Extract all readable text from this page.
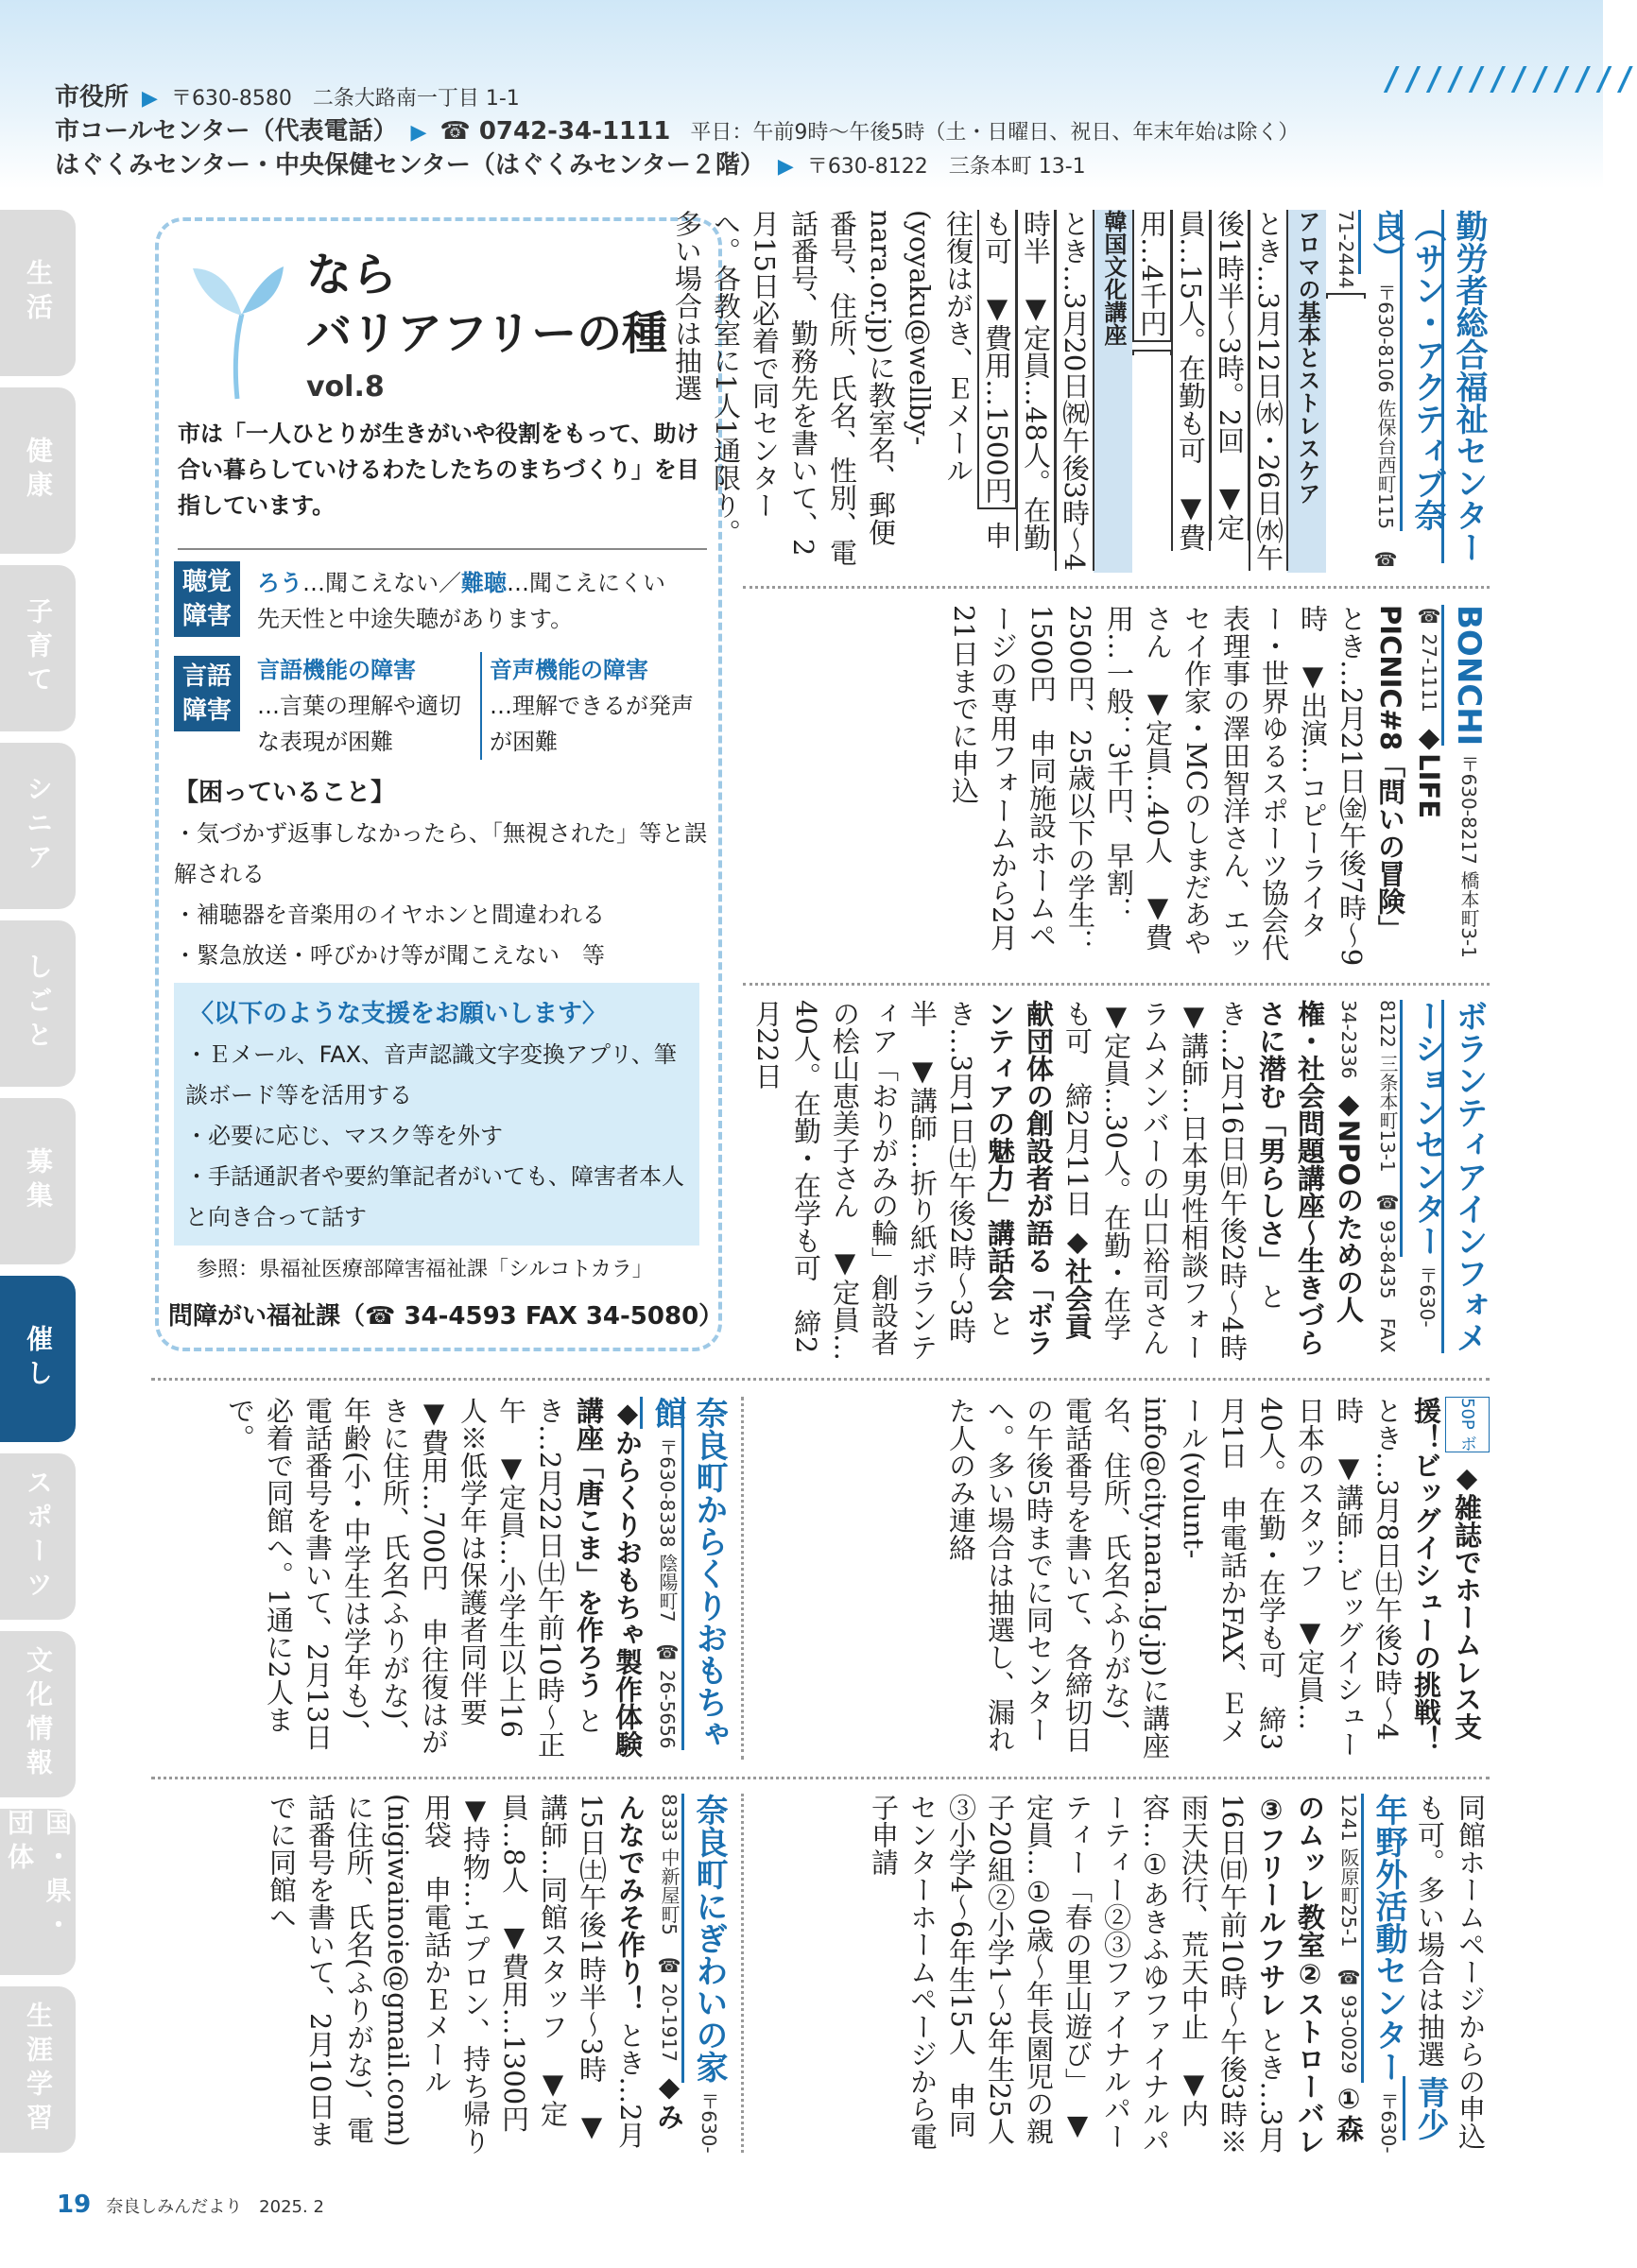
市役所 ▶ 〒630-8580　二条大路南一丁目 1-1
市コールセンター（代表電話） ▶ ☎ 0742-34-1111 平日：午前9時〜午後5時（土・日曜日、祝日、年末年始は除く）
はぐくみセンター・中央保健センター（はぐくみセンター２階） ▶ 〒630-8122　三条本町 13-1
////////////
生活
健康
子育て
シニア
しごと
募集
催し
スポーツ
文化情報
国・県・団体
生涯学習
なら
バリアフリーの種
vol.8
市は「一人ひとりが生きがいや役割をもって、助け合い暮らしていけるわたしたちのまちづくり」を目指しています。
聴覚障害
ろう…聞こえない／難聴…聞こえにくい
先天性と中途失聴があります。
言語障害
言語機能の障害
…言葉の理解や適切な表現が困難
音声機能の障害
…理解できるが発声が困難
【困っていること】
・気づかず返事しなかったら、「無視された」等と誤解される
・補聴器を音楽用のイヤホンと間違われる
・緊急放送・呼びかけ等が聞こえない　等
〈以下のような支援をお願いします〉
・Ｅメール、FAX、音声認識文字変換アプリ、筆談ボード等を活用する
・必要に応じ、マスク等を外す
・手話通訳者や要約筆記者がいても、障害者本人と向き合って話す
参照：県福祉医療部障害福祉課「シルコトカラ」
問障がい福祉課（☎ 34-4593 FAX 34-5080）
勤労者総合福祉センター（サン・アクティブ奈良） 〒630-8106 佐保台西町115　☎ 71-2444
アロマの基本とストレスケア
とき…3月12日㈬・26日㈬午後1時半〜3時。2回　▼定員…15人。在勤も可　▼費用…4千円
韓国文化講座
とき…3月20日㈷午後3時〜4時半　▼定員…48人。在勤も可　▼費用…1500円 申往復はがき、Ｅメール(yoyaku@wellby-nara.or.jp)に教室名、郵便番号、住所、氏名、性別、電話番号、勤務先を書いて、2月15日必着で同センターへ。各教室に1人1通限り。多い場合は抽選
BONCHI 〒630-8217 橋本町3-1　☎ 27-1111 ◆LIFE PICNIC#8「問いの冒険」 とき…2月21日㈮午後7時〜9時　▼出演…コピーライター・世界ゆるスポーツ協会代表理事の澤田智洋さん、エッセイ作家・MCのしまだあやさん　▼定員…40人　▼費用…一般：3千円、早割：2500円、25歳以下の学生：1500円　申同施設ホームページの専用フォームから2月21日までに申込
ボランティアインフォメーションセンター 〒630-8122 三条本町13-1　☎ 93-8435　FAX 34-2336 ◆NPOのための人権・社会問題講座〜生きづらさに潜む「男らしさ」 とき…2月16日㈰午後2時〜4時　▼講師…日本男性相談フォーラムメンバーの山口裕司さん　▼定員…30人。在勤・在学も可　締2月11日 ◆社会貢献団体の創設者が語る「ボランティアの魅力」講話会 とき…3月1日㈯午後2時〜3時半　▼講師…折り紙ボランティア「おりがみの輪」創設者の桧山恵美子さん　▼定員…40人。在勤・在学も可　締2月22日
50P ボ ◆雑誌でホームレス支援！ビッグイシューの挑戦！ とき…3月8日㈯午後2時〜4時　▼講師…ビッグイシュー日本のスタッフ　▼定員…40人。在勤・在学も可　締3月1日　申電話かFAX、Ｅメール(volunt-info@city.nara.lg.jp)に講座名、住所、氏名(ふりがな)、電話番号を書いて、各締切日の午後5時までに同センターへ。多い場合は抽選し、漏れた人のみ連絡
奈良町からくりおもちゃ館 〒630-8338 陰陽町7　☎ 26-5656 ◆からくりおもちゃ製作体験講座「唐こま」を作ろう とき…2月22日㈯午前10時〜正午　▼定員…小学生以上16人※低学年は保護者同伴要　▼費用…700円　申往復はがきに住所、氏名(ふりがな)、年齢(小・中学生は学年も)、電話番号を書いて、2月13日必着で同館へ。1通に2人まで。
同館ホームページからの申込も可。多い場合は抽選 青少年野外活動センター 〒630-1241 阪原町25-1　☎ 93-0029 ①森のムッレ教室②ストローバレ③フリールフサレ とき…3月16日㈰午前10時〜午後3時※雨天決行、荒天中止　▼内容…①あきふゆファイナルパーティー②③ファイナルパーティー「春の里山遊び」　▼定員…①0歳〜年長園児の親子20組②小学1〜3年生25人③小学4〜6年生15人　申同センターホームページから電子申請
奈良町にぎわいの家 〒630-8333 中新屋町5　☎ 20-1917 ◆みんなでみそ作り！ とき…2月15日㈯午後1時半〜3時　▼講師…同館スタッフ　▼定員…8人　▼費用…1300円　▼持物…エプロン、持ち帰り用袋　申電話かＥメール(nigiwainoie@gmail.com)に住所、氏名(ふりがな)、電話番号を書いて、2月10日までに同館へ
19 奈良しみんだより　2025. 2
